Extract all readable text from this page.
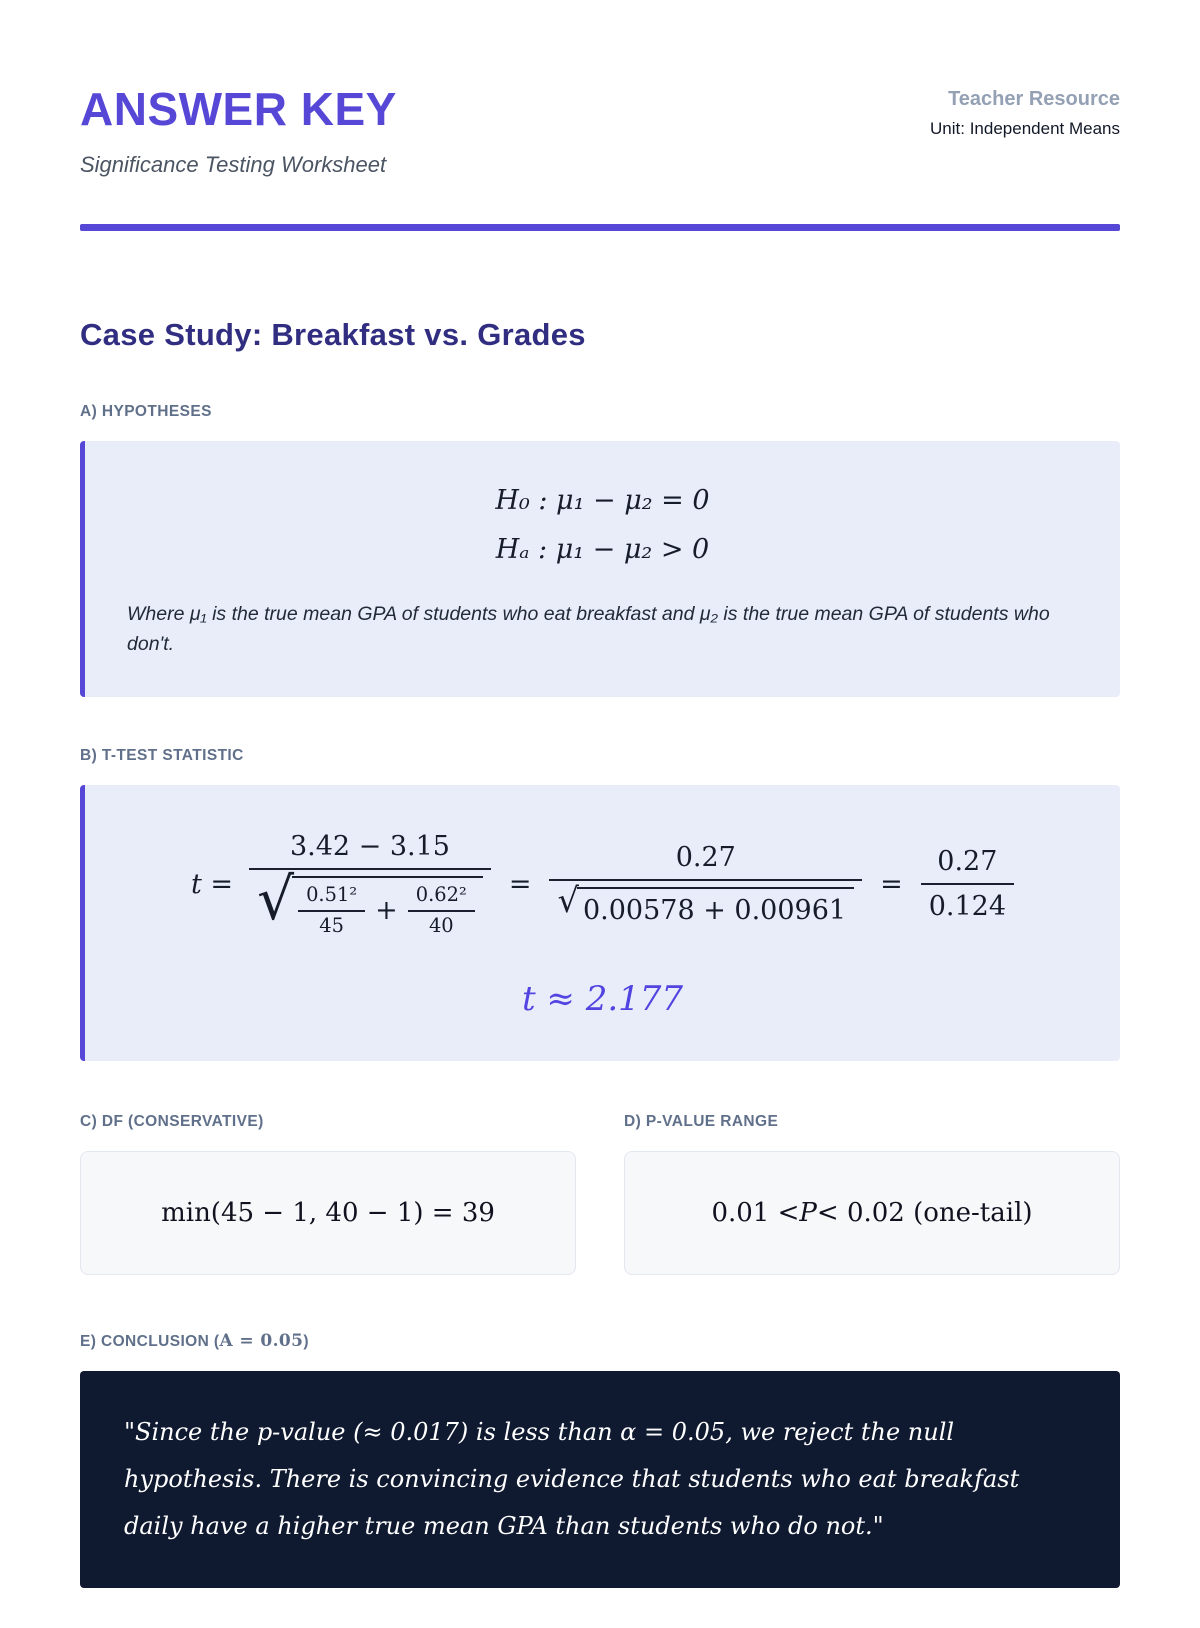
ANSWER KEY
Significance Testing Worksheet
Teacher Resource
Unit: Independent Means
Case Study: Breakfast vs. Grades
A) HYPOTHESES
H₀ : μ₁ − μ₂ = 0
Hₐ : μ₁ − μ₂ > 0

Where μ₁ is the true mean GPA of students who eat breakfast and μ₂ is the true mean GPA of students who don't.

B) T-TEST STATISTIC
t =
3.42 − 3.15
√ $\frac{\text{0.51²}}{45} + \frac{\text{0.62²}}{40}$
= $\frac{0.27}{√ 0.00578 + 0.00961} = \frac{0.27}{0.124}$
t ≈ 2.177
C) DF (CONSERVATIVE)
min(45 − 1, 40 − 1) = 39
D) P-VALUE RANGE
0.01 < P < 0.02 (one-tail)
E) CONCLUSION (A = 0.05)

"Since the p-value (≈ 0.017) is less than α = 0.05, we reject the null hypothesis. There is convincing evidence that students who eat breakfast daily have a higher true mean GPA than students who do not."
